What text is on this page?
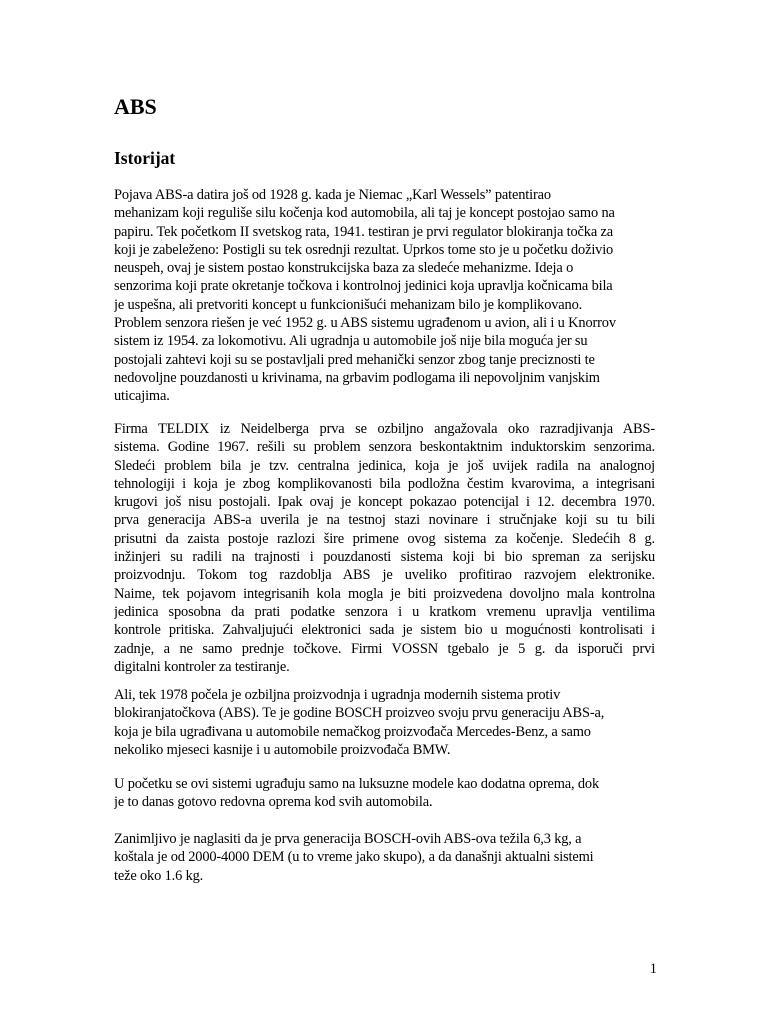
ABS
Istorijat

Pojava ABS-a datira još od 1928 g. kada je Niemac „Karl Wessels” patentirao
mehanizam koji reguliše silu kočenja kod automobila, ali taj je koncept postojao samo na
papiru. Tek početkom II svetskog rata, 1941. testiran je prvi regulator blokiranja točka za
koji je zabeleženo: Postigli su tek osrednji rezultat. Uprkos tome sto je u početku doživio
neuspeh, ovaj je sistem postao konstrukcijska baza za sledeće mehanizme. Ideja o
senzorima koji prate okretanje točkova i kontrolnoj jedinici koja upravlja kočnicama bila
je uspešna, ali pretvoriti koncept u funkcionišući mehanizam bilo je komplikovano.
Problem senzora riešen je već 1952 g. u ABS sistemu ugrađenom u avion, ali i u Knorrov
sistem iz 1954. za lokomotivu. Ali ugradnja u automobile još nije bila moguća jer su
postojali zahtevi koji su se postavljali pred mehanički senzor zbog tanje preciznosti te
nedovoljne pouzdanosti u krivinama, na grbavim podlogama ili nepovoljnim vanjskim
uticajima.

Firma TELDIX iz Neidelberga prva se ozbiljno angažovala oko razradjivanja ABS-
sistema. Godine 1967. rešili su problem senzora beskontaktnim induktorskim senzorima.
Sledeći problem bila je tzv. centralna jedinica, koja je još uvijek radila na analognoj
tehnologiji i koja je zbog komplikovanosti bila podložna čestim kvarovima, a integrisani
krugovi još nisu postojali. Ipak ovaj je koncept pokazao potencijal i 12. decembra 1970.
prva generacija ABS-a uverila je na testnoj stazi novinare i stručnjake koji su tu bili
prisutni da zaista postoje razlozi šire primene ovog sistema za kočenje. Sledećih 8 g.
inžinjeri su radili na trajnosti i pouzdanosti sistema koji bi bio spreman za serijsku
proizvodnju. Tokom tog razdoblja ABS je uveliko profitirao razvojem elektronike.
Naime, tek pojavom integrisanih kola mogla je biti proizvedena dovoljno mala kontrolna
jedinica sposobna da prati podatke senzora i u kratkom vremenu upravlja ventilima
kontrole pritiska. Zahvaljujući elektronici sada je sistem bio u mogućnosti kontrolisati i
zadnje, a ne samo prednje točkove. Firmi VOSSN tgebalo je 5 g. da isporuči prvi
digitalni kontroler za testiranje.

Ali, tek 1978 počela je ozbiljna proizvodnja i ugradnja modernih sistema protiv
blokiranjatočkova (ABS). Te je godine BOSCH proizveo svoju prvu generaciju ABS-a,
koja je bila ugrađivana u automobile nemačkog proizvođača Mercedes-Benz, a samo
nekoliko mjeseci kasnije i u automobile proizvođača BMW.

U početku se ovi sistemi ugrađuju samo na luksuzne modele kao dodatna oprema, dok
je to danas gotovo redovna oprema kod svih automobila.

Zanimljivo je naglasiti da je prva generacija BOSCH-ovih ABS-ova težila 6,3 kg, a
koštala je od 2000-4000 DEM (u to vreme jako skupo), a da današnji aktualni sistemi
teže oko 1.6 kg.

1
